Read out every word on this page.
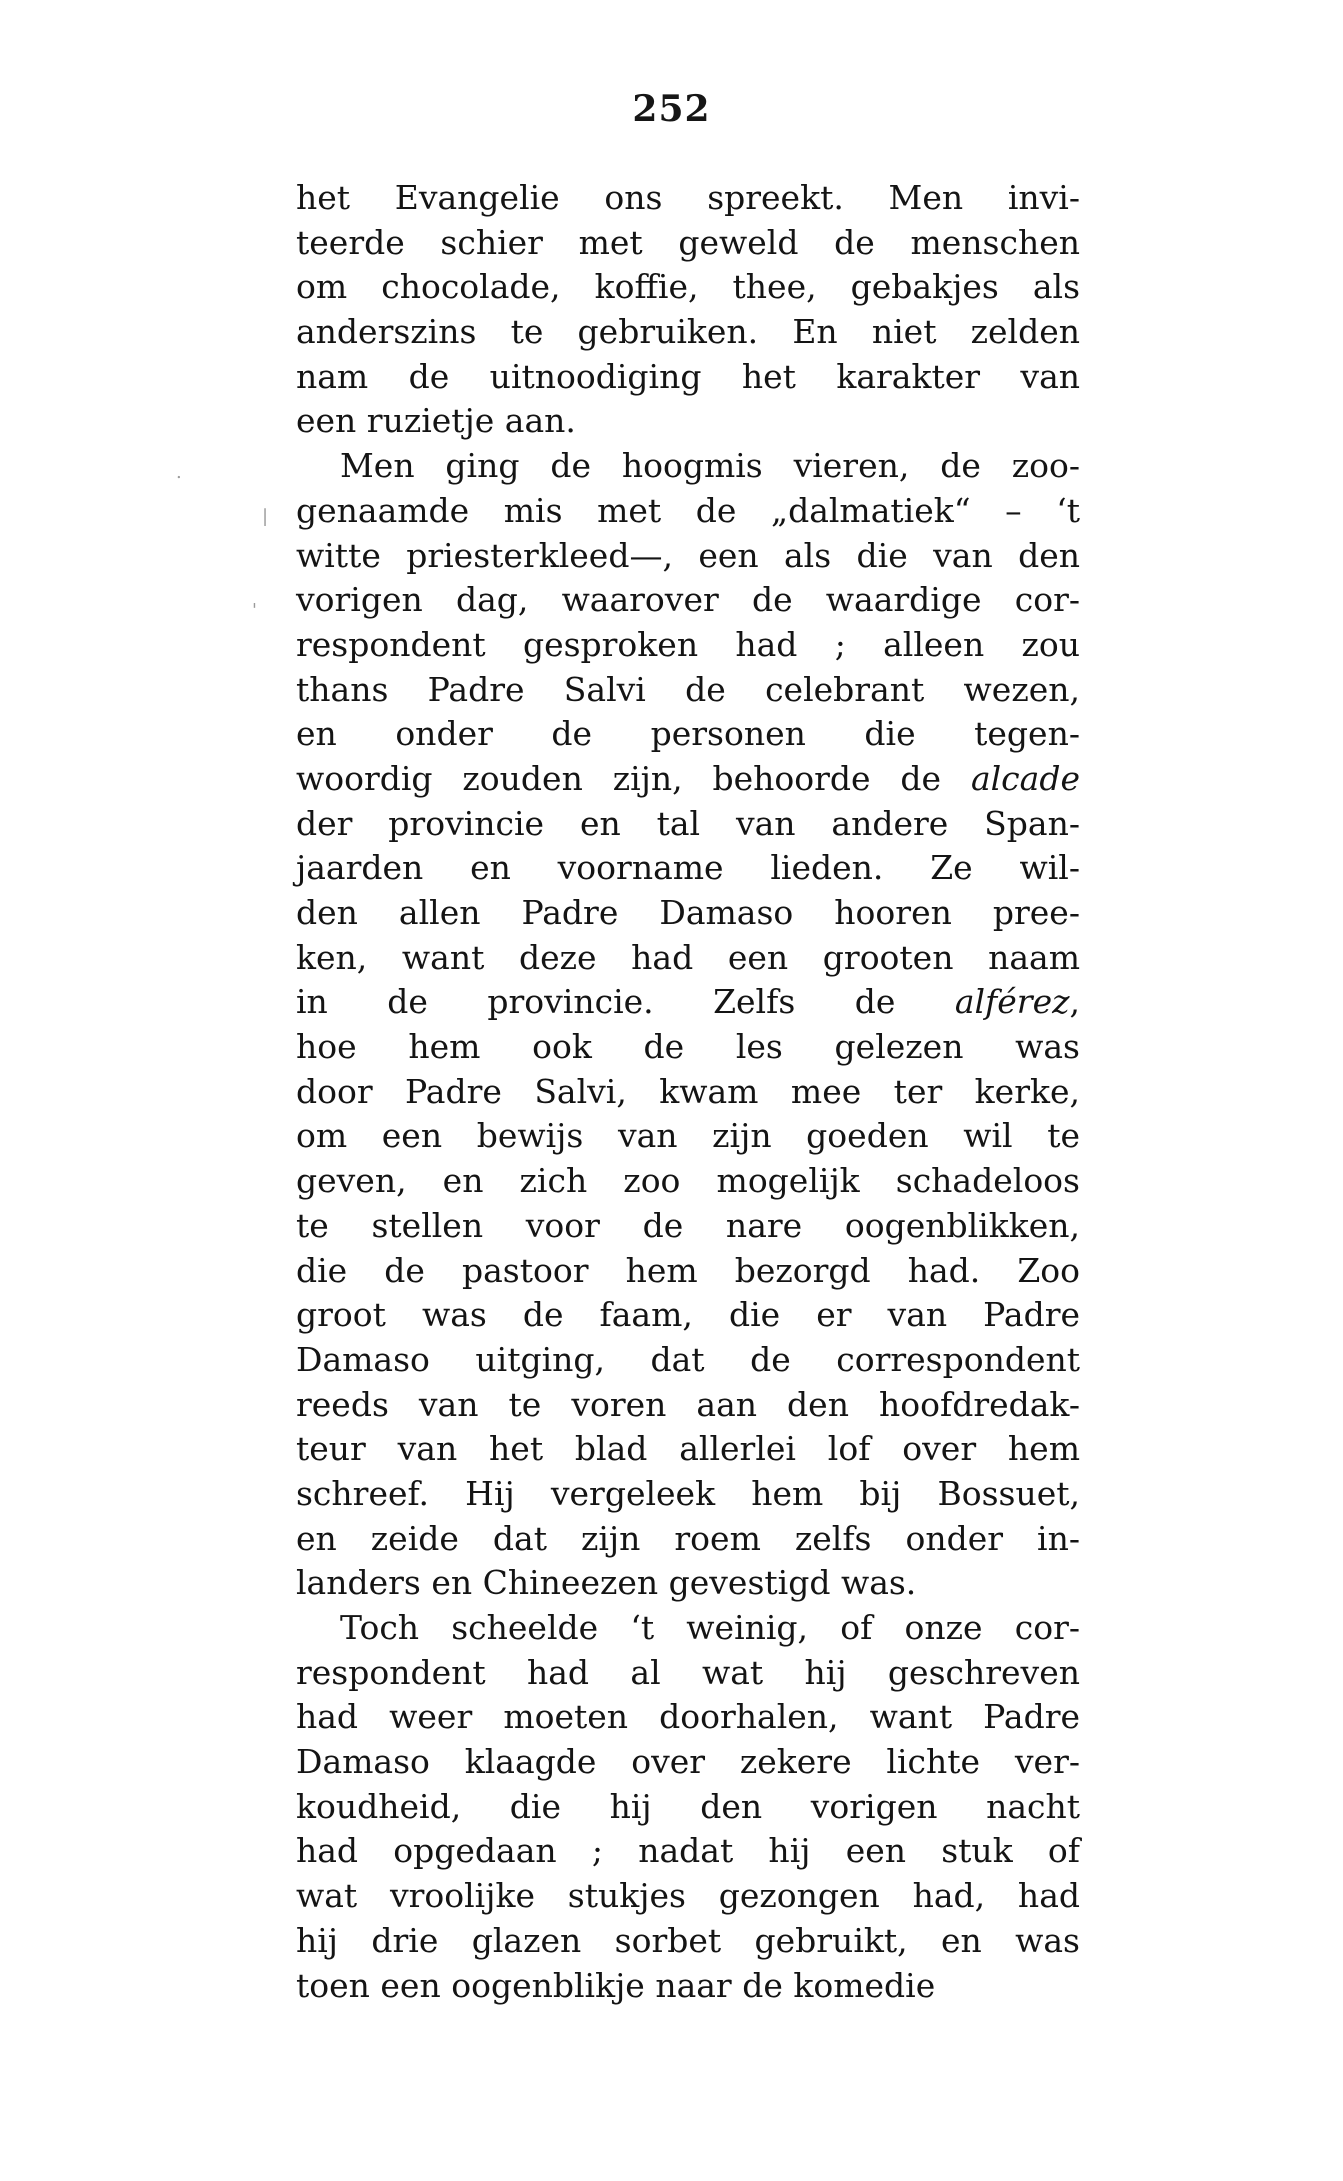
252
.
|
'
het Evangelie ons spreekt. Men invi-
teerde schier met geweld de menschen
om chocolade, koffie, thee, gebakjes als
anderszins te gebruiken. En niet zelden
nam de uitnoodiging het karakter van
een ruzietje aan.
Men ging de hoogmis vieren, de zoo-
genaamde mis met de „dalmatiek“ – ‘t
witte priesterkleed—, een als die van den
vorigen dag, waarover de waardige cor-
respondent gesproken had ; alleen zou
thans Padre Salvi de celebrant wezen,
en onder de personen die tegen-
woordig zouden zijn, behoorde de alcade
der provincie en tal van andere Span-
jaarden en voorname lieden. Ze wil-
den allen Padre Damaso hooren pree-
ken, want deze had een grooten naam
in de provincie. Zelfs de alférez,
hoe hem ook de les gelezen was
door Padre Salvi, kwam mee ter kerke,
om een bewijs van zijn goeden wil te
geven, en zich zoo mogelijk schadeloos
te stellen voor de nare oogenblikken,
die de pastoor hem bezorgd had. Zoo
groot was de faam, die er van Padre
Damaso uitging, dat de correspondent
reeds van te voren aan den hoofdredak-
teur van het blad allerlei lof over hem
schreef. Hij vergeleek hem bij Bossuet,
en zeide dat zijn roem zelfs onder in-
landers en Chineezen gevestigd was.
Toch scheelde ‘t weinig, of onze cor-
respondent had al wat hij geschreven
had weer moeten doorhalen, want Padre
Damaso klaagde over zekere lichte ver-
koudheid, die hij den vorigen nacht
had opgedaan ; nadat hij een stuk of
wat vroolijke stukjes gezongen had, had
hij drie glazen sorbet gebruikt, en was
toen een oogenblikje naar de komedie
